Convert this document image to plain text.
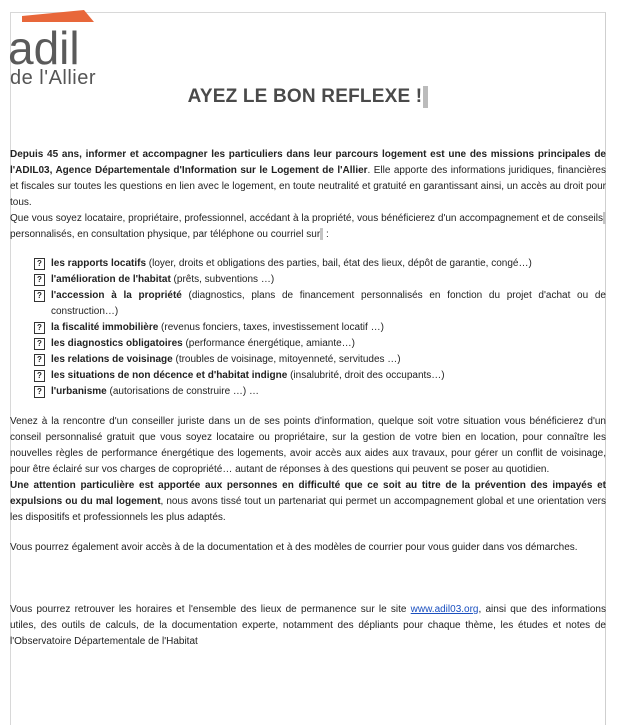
adil
de l'Allier
AYEZ LE BON REFLEXE !

Depuis 45 ans, informer et accompagner les particuliers dans leur parcours logement est une des missions principales de l'ADIL03, Agence Départementale d'Information sur le Logement de l'Allier. Elle apporte des informations juridiques, financières et fiscales sur toutes les questions en lien avec le logement, en toute neutralité et gratuité en garantissant ainsi, un accès au droit pour tous.

Que vous soyez locataire, propriétaire, professionnel, accédant à la propriété, vous bénéficierez d'un accompagnement et de conseils personnalisés, en consultation physique, par téléphone ou courriel sur :

? les rapports locatifs (loyer, droits et obligations des parties, bail, état des lieux, dépôt de garantie, congé…)
? l'amélioration de l'habitat (prêts, subventions …)
? l'accession à la propriété (diagnostics, plans de financement personnalisés en fonction du projet d'achat ou de construction…)
? la fiscalité immobilière (revenus fonciers, taxes, investissement locatif …)
? les diagnostics obligatoires (performance énergétique, amiante…)
? les relations de voisinage (troubles de voisinage, mitoyenneté, servitudes …)
? les situations de non décence et d'habitat indigne (insalubrité, droit des occupants…)
? l'urbanisme (autorisations de construire …) …

Venez à la rencontre d'un conseiller juriste dans un de ses points d'information, quelque soit votre situation vous bénéficierez d'un conseil personnalisé gratuit que vous soyez locataire ou propriétaire, sur la gestion de votre bien en location, pour connaître les nouvelles règles de performance énergétique des logements, avoir accès aux aides aux travaux, pour gérer un conflit de voisinage, pour être éclairé sur vos charges de copropriété… autant de réponses à des questions qui peuvent se poser au quotidien.

Une attention particulière est apportée aux personnes en difficulté que ce soit au titre de la prévention des impayés et expulsions ou du mal logement, nous avons tissé tout un partenariat qui permet un accompagnement global et une orientation vers les dispositifs et professionnels les plus adaptés.

Vous pourrez également avoir accès à de la documentation et à des modèles de courrier pour vous guider dans vos démarches.

Vous pourrez retrouver les horaires et l'ensemble des lieux de permanence sur le site www.adil03.org, ainsi que des informations utiles, des outils de calculs, de la documentation experte, notamment des dépliants pour chaque thème, les études et notes de l'Observatoire Départementale de l'Habitat
